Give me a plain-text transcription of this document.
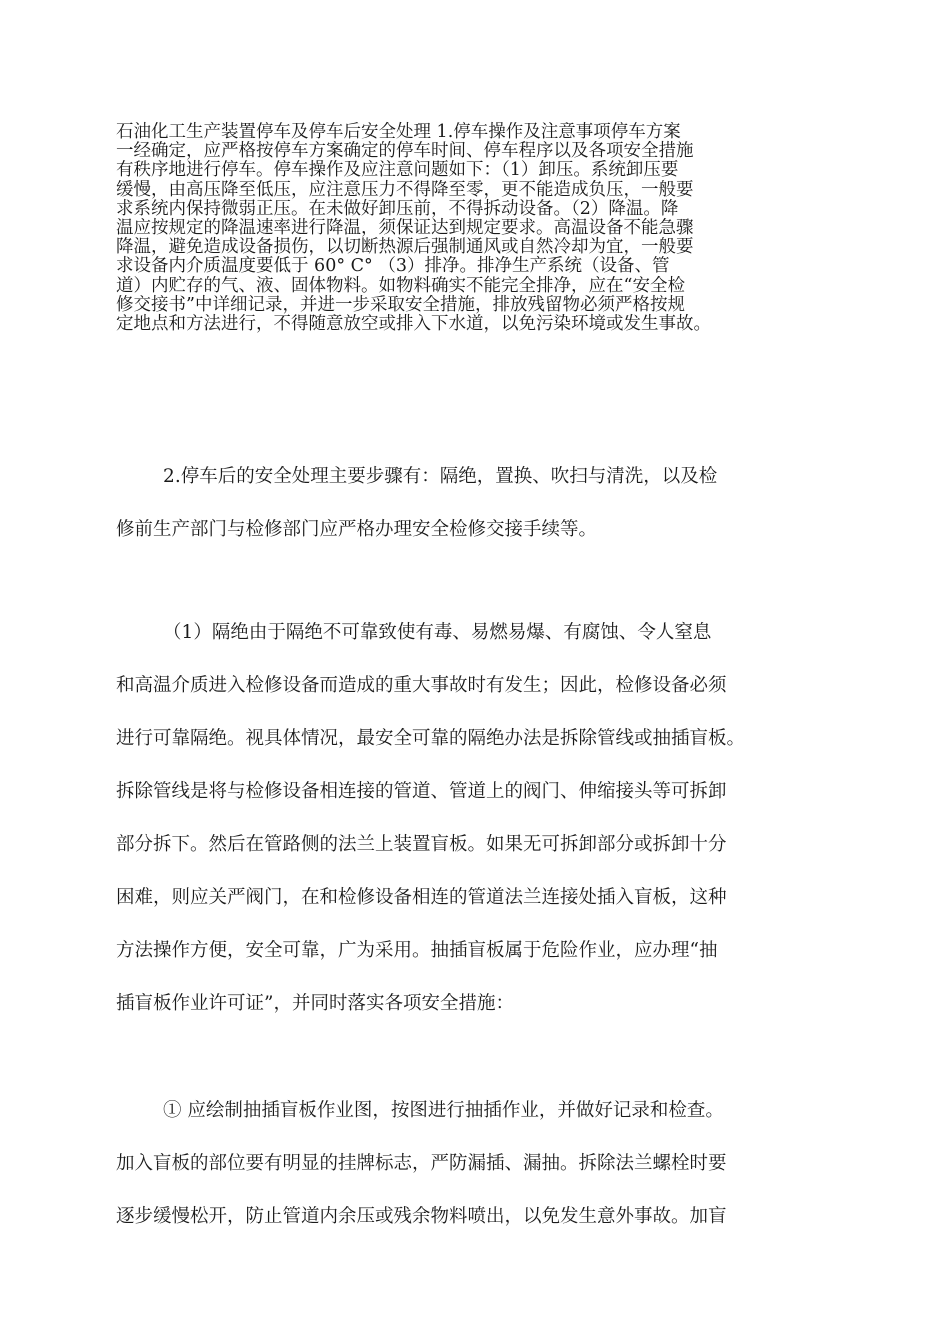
石油化工生产装置停车及停车后安全处理 1.停车操作及注意事项停车方案
一经确定，应严格按停车方案确定的停车时间、停车程序以及各项安全措施
有秩序地进行停车。停车操作及应注意问题如下：（1）卸压。系统卸压要
缓慢，由高压降至低压，应注意压力不得降至零，更不能造成负压，一般要
求系统内保持微弱正压。在未做好卸压前，不得拆动设备。（2）降温。降
温应按规定的降温速率进行降温，须保证达到规定要求。高温设备不能急骤
降温，避免造成设备损伤，以切断热源后强制通风或自然冷却为宜，一般要
求设备内介质温度要低于 60° C° （3）排净。排净生产系统（设备、管
道）内贮存的气、液、固体物料。如物料确实不能完全排净，应在“安全检
修交接书”中详细记录，并进一步采取安全措施，排放残留物必须严格按规
定地点和方法进行，不得随意放空或排入下水道，以免污染环境或发生事故。
2.停车后的安全处理主要步骤有：隔绝，置换、吹扫与清洗，以及检
修前生产部门与检修部门应严格办理安全检修交接手续等。
（1）隔绝由于隔绝不可靠致使有毒、易燃易爆、有腐蚀、令人窒息
和高温介质进入检修设备而造成的重大事故时有发生；因此，检修设备必须
进行可靠隔绝。视具体情况，最安全可靠的隔绝办法是拆除管线或抽插盲板。
拆除管线是将与检修设备相连接的管道、管道上的阀门、伸缩接头等可拆卸
部分拆下。然后在管路侧的法兰上装置盲板。如果无可拆卸部分或拆卸十分
困难，则应关严阀门，在和检修设备相连的管道法兰连接处插入盲板，这种
方法操作方便，安全可靠，广为采用。抽插盲板属于危险作业，应办理“抽
插盲板作业许可证”，并同时落实各项安全措施：
① 应绘制抽插盲板作业图，按图进行抽插作业，并做好记录和检查。
加入盲板的部位要有明显的挂牌标志，严防漏插、漏抽。拆除法兰螺栓时要
逐步缓慢松开，防止管道内余压或残余物料喷出，以免发生意外事故。加盲
